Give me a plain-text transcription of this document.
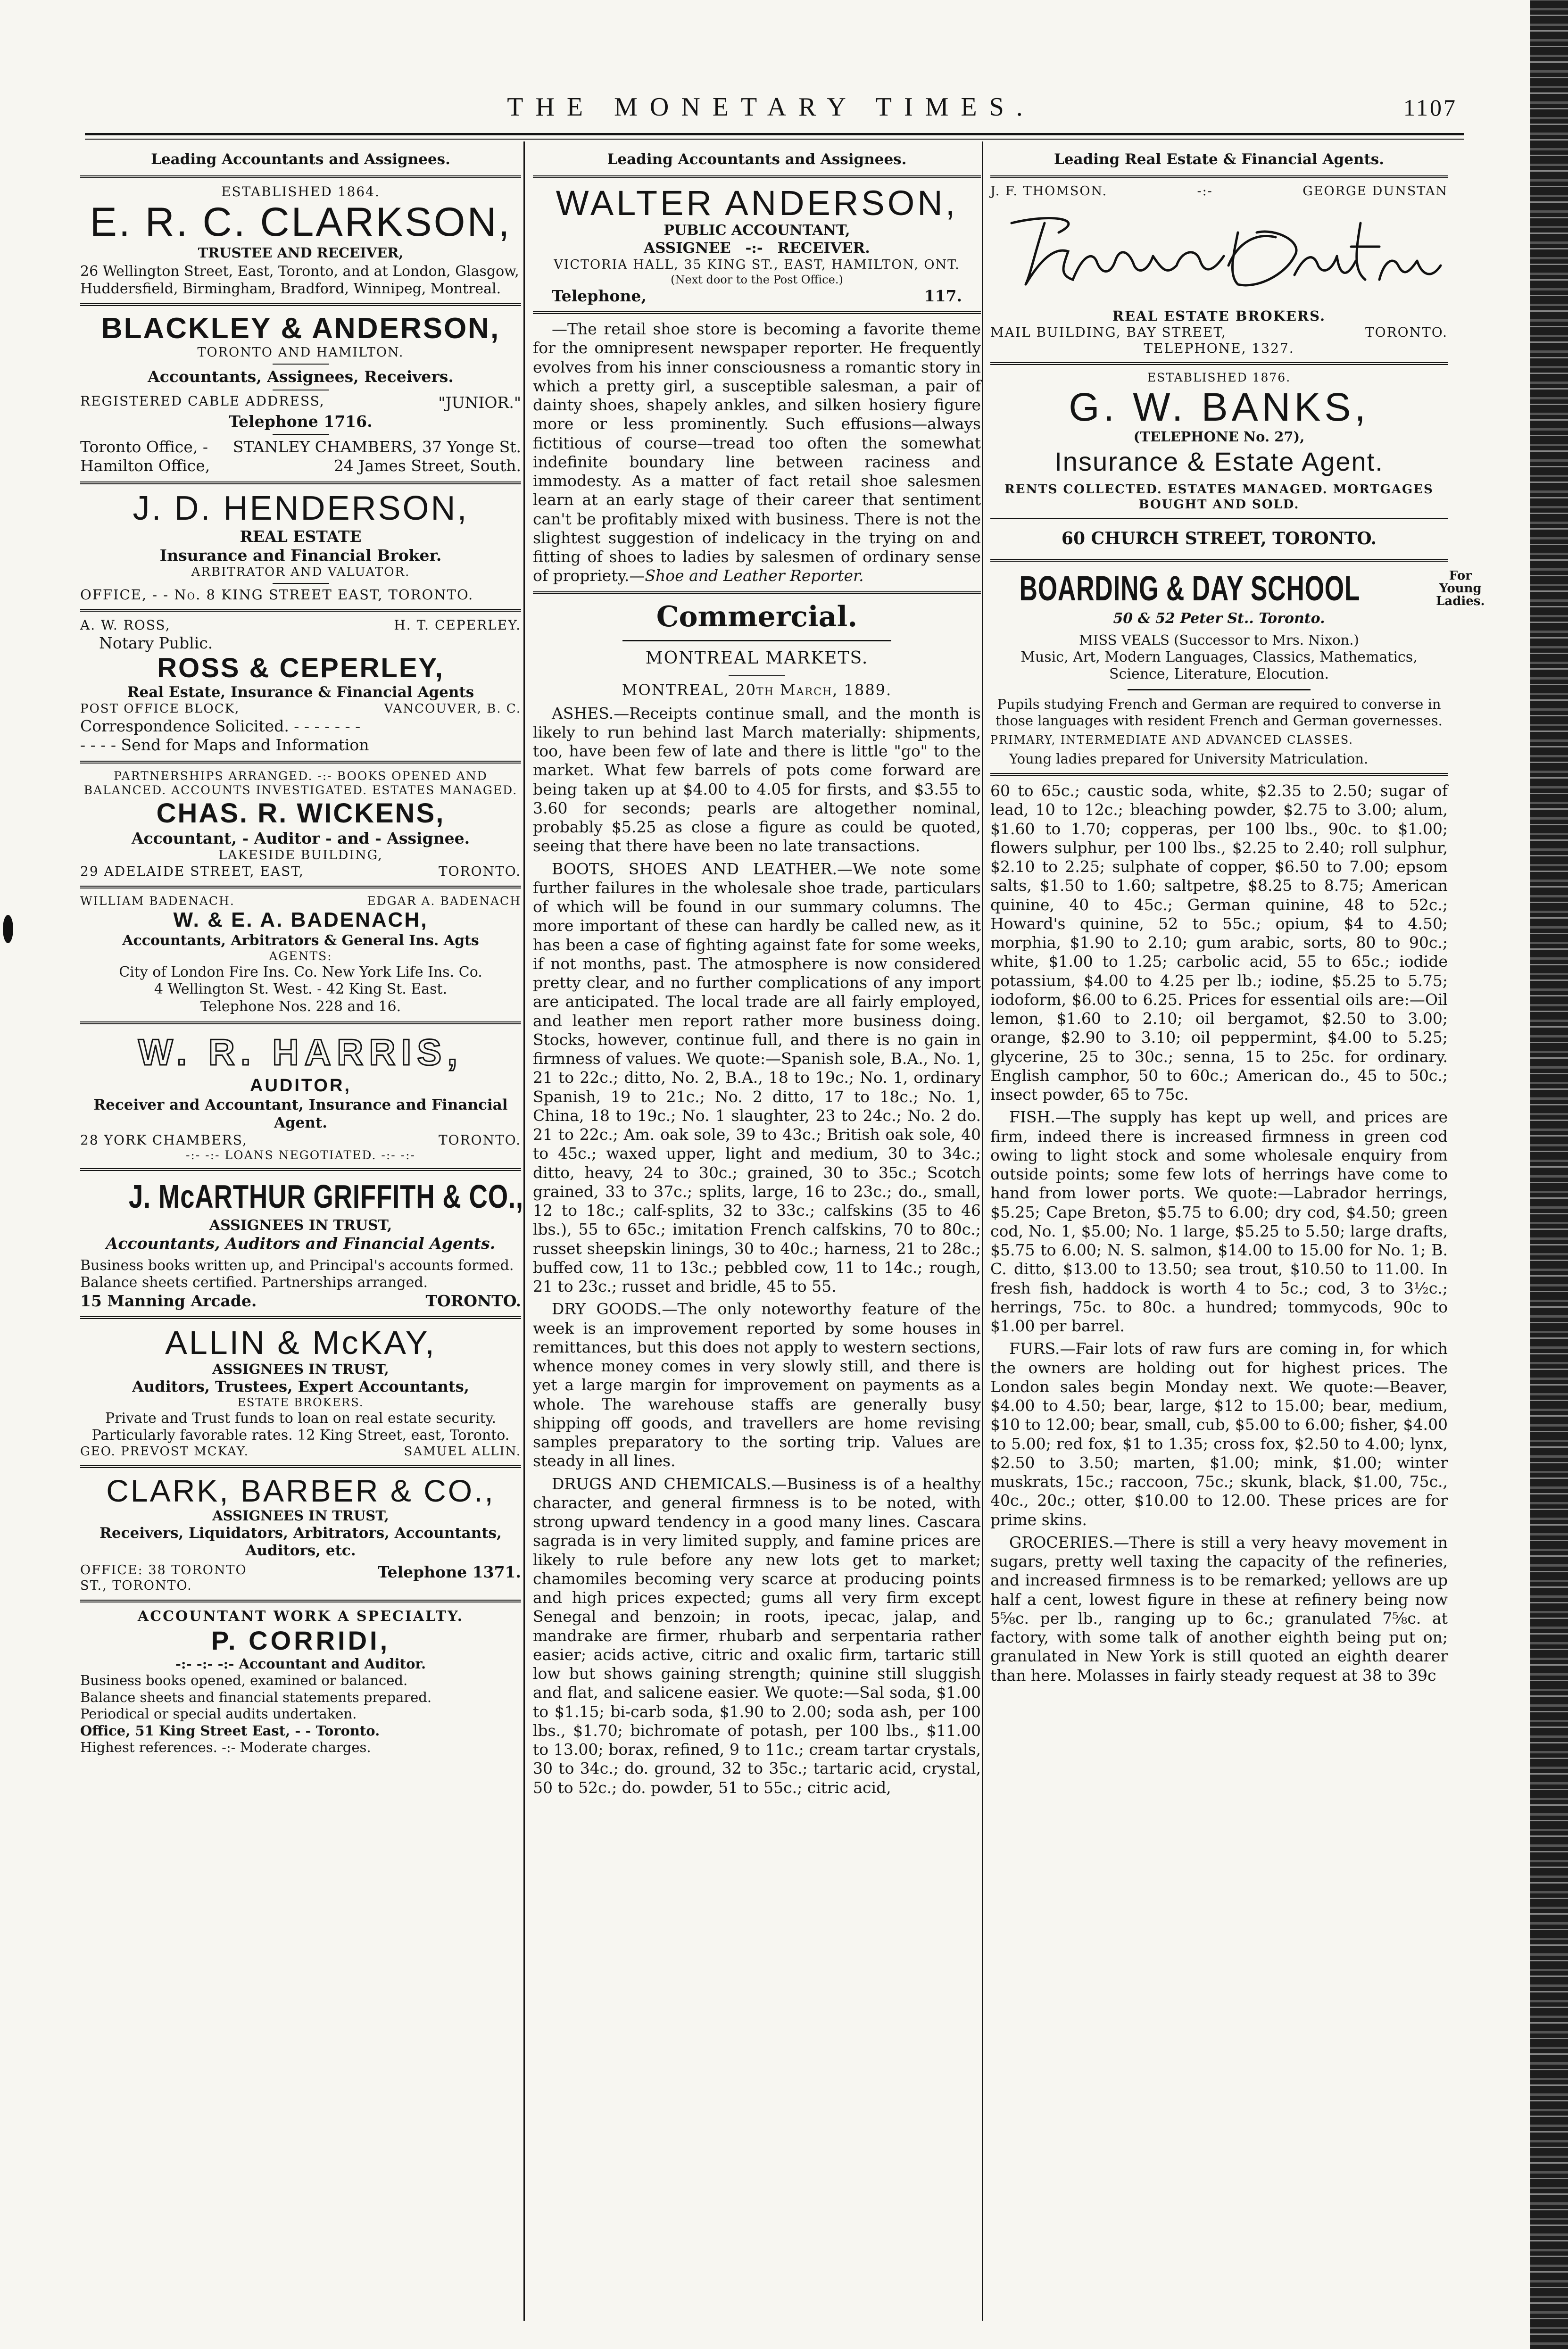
THE MONETARY TIMES.	1107
Leading Accountants and Assignees.
ESTABLISHED 1864.
E. R. C. CLARKSON,
TRUSTEE AND RECEIVER,
26 Wellington Street, East, Toronto, and at London, Glasgow, Huddersfield, Birmingham, Bradford, Winnipeg, Montreal.
BLACKLEY & ANDERSON,
TORONTO AND HAMILTON.
Accountants, Assignees, Receivers.
REGISTERED CABLE ADDRESS,	"JUNIOR."
Telephone 1716.
Toronto Office, - STANLEY CHAMBERS, 37 Yonge St.
Hamilton Office,	24 James Street, South.
J. D. HENDERSON,
REAL ESTATE
Insurance and Financial Broker.
ARBITRATOR AND VALUATOR.
OFFICE, - - No. 8 KING STREET EAST, TORONTO.
A. W. ROSS,	H. T. CEPERLEY.
Notary Public.
ROSS & CEPERLEY,
Real Estate, Insurance & Financial Agents
POST OFFICE BLOCK,	VANCOUVER, B. C.
Correspondence Solicited. - - - - - - -
- - - - Send for Maps and Information
PARTNERSHIPS ARRANGED. -:- BOOKS OPENED AND BALANCED. ACCOUNTS INVESTIGATED. ESTATES MANAGED.
CHAS. R. WICKENS,
Accountant, - Auditor - and - Assignee.
LAKESIDE BUILDING,
29 ADELAIDE STREET, EAST,	TORONTO.
WILLIAM BADENACH.	EDGAR A. BADENACH
W. & E. A. BADENACH,
Accountants, Arbitrators & General Ins. Agts
AGENTS:
City of London Fire Ins. Co. New York Life Ins. Co.
4 Wellington St. West. - 42 King St. East.
Telephone Nos. 228 and 16.
W. R. HARRIS,
AUDITOR,
Receiver and Accountant, Insurance and Financial Agent.
28 YORK CHAMBERS,	TORONTO.
-:- -:- LOANS NEGOTIATED. -:- -:-
J. McARTHUR GRIFFITH & CO.,
ASSIGNEES IN TRUST,
Accountants, Auditors and Financial Agents.
Business books written up, and Principal's accounts formed. Balance sheets certified. Partnerships arranged.
15 Manning Arcade.	TORONTO.
ALLIN & McKAY,
ASSIGNEES IN TRUST,
Auditors, Trustees, Expert Accountants,
ESTATE BROKERS.
Private and Trust funds to loan on real estate security. Particularly favorable rates. 12 King Street, east, Toronto.
GEO. PREVOST MCKAY.	SAMUEL ALLIN.
CLARK, BARBER & CO.,
ASSIGNEES IN TRUST,
Receivers, Liquidators, Arbitrators, Accountants, Auditors, etc.
OFFICE: 38 TORONTO ST., TORONTO.
Telephone 1371.
ACCOUNTANT WORK A SPECIALTY.
P. CORRIDI,
-:- -:- -:- Accountant and Auditor.
Business books opened, examined or balanced.
Balance sheets and financial statements prepared.
Periodical or special audits undertaken.
Office, 51 King Street East, - - Toronto.
Highest references. -:- Moderate charges.
Leading Accountants and Assignees.
WALTER ANDERSON,
PUBLIC ACCOUNTANT,
ASSIGNEE -:- RECEIVER.
VICTORIA HALL, 35 KING ST., EAST, HAMILTON, ONT.
(Next door to the Post Office.)
Telephone,	117.

—The retail shoe store is becoming a favorite theme for the omnipresent newspaper reporter. He frequently evolves from his inner consciousness a romantic story in which a pretty girl, a susceptible salesman, a pair of dainty shoes, shapely ankles, and silken hosiery figure more or less prominently. Such effusions—always fictitious of course—tread too often the somewhat indefinite boundary line between raciness and immodesty. As a matter of fact retail shoe salesmen learn at an early stage of their career that sentiment can't be profitably mixed with business. There is not the slightest suggestion of indelicacy in the trying on and fitting of shoes to ladies by salesmen of ordinary sense of propriety.—Shoe and Leather Reporter.

Commercial.
MONTREAL MARKETS.
MONTREAL, 20th March, 1889.

ASHES.—Receipts continue small, and the month is likely to run behind last March materially: shipments, too, have been few of late and there is little "go" to the market. What few barrels of pots come forward are being taken up at $4.00 to 4.05 for firsts, and $3.55 to 3.60 for seconds; pearls are altogether nominal, probably $5.25 as close a figure as could be quoted, seeing that there have been no late transactions.

BOOTS, SHOES AND LEATHER.—We note some further failures in the wholesale shoe trade, particulars of which will be found in our summary columns. The more important of these can hardly be called new, as it has been a case of fighting against fate for some weeks, if not months, past. The atmosphere is now considered pretty clear, and no further complications of any import are anticipated. The local trade are all fairly employed, and leather men report rather more business doing. Stocks, however, continue full, and there is no gain in firmness of values. We quote:—Spanish sole, B.A., No. 1, 21 to 22c.; ditto, No. 2, B.A., 18 to 19c.; No. 1, ordinary Spanish, 19 to 21c.; No. 2 ditto, 17 to 18c.; No. 1, China, 18 to 19c.; No. 1 slaughter, 23 to 24c.; No. 2 do. 21 to 22c.; Am. oak sole, 39 to 43c.; British oak sole, 40 to 45c.; waxed upper, light and medium, 30 to 34c.; ditto, heavy, 24 to 30c.; grained, 30 to 35c.; Scotch grained, 33 to 37c.; splits, large, 16 to 23c.; do., small, 12 to 18c.; calf-splits, 32 to 33c.; calfskins (35 to 46 lbs.), 55 to 65c.; imitation French calfskins, 70 to 80c.; russet sheepskin linings, 30 to 40c.; harness, 21 to 28c.; buffed cow, 11 to 13c.; pebbled cow, 11 to 14c.; rough, 21 to 23c.; russet and bridle, 45 to 55.

DRY GOODS.—The only noteworthy feature of the week is an improvement reported by some houses in remittances, but this does not apply to western sections, whence money comes in very slowly still, and there is yet a large margin for improvement on payments as a whole. The warehouse staffs are generally busy shipping off goods, and travellers are home revising samples preparatory to the sorting trip. Values are steady in all lines.

DRUGS AND CHEMICALS.—Business is of a healthy character, and general firmness is to be noted, with strong upward tendency in a good many lines. Cascara sagrada is in very limited supply, and famine prices are likely to rule before any new lots get to market; chamomiles becoming very scarce at producing points and high prices expected; gums all very firm except Senegal and benzoin; in roots, ipecac, jalap, and mandrake are firmer, rhubarb and serpentaria rather easier; acids active, citric and oxalic firm, tartaric still low but shows gaining strength; quinine still sluggish and flat, and salicene easier. We quote:—Sal soda, $1.00 to $1.15; bi-carb soda, $1.90 to 2.00; soda ash, per 100 lbs., $1.70; bichromate of potash, per 100 lbs., $11.00 to 13.00; borax, refined, 9 to 11c.; cream tartar crystals, 30 to 34c.; do. ground, 32 to 35c.; tartaric acid, crystal, 50 to 52c.; do. powder, 51 to 55c.; citric acid,

Leading Real Estate & Financial Agents.
J. F. THOMSON.	-:-	GEORGE DUNSTAN
REAL ESTATE BROKERS.
MAIL BUILDING, BAY STREET,	TORONTO.
TELEPHONE, 1327.
ESTABLISHED 1876.
G. W. BANKS,
(TELEPHONE No. 27),
Insurance & Estate Agent.
RENTS COLLECTED. ESTATES MANAGED. MORTGAGES BOUGHT AND SOLD.
60 CHURCH STREET, TORONTO.
BOARDING & DAY SCHOOL	For
Young
Ladies.
50 & 52 Peter St.. Toronto.
MISS VEALS (Successor to Mrs. Nixon.)
Music, Art, Modern Languages, Classics, Mathematics, Science, Literature, Elocution.
Pupils studying French and German are required to converse in those languages with resident French and German governesses.
PRIMARY, INTERMEDIATE AND ADVANCED CLASSES.
Young ladies prepared for University Matriculation.

60 to 65c.; caustic soda, white, $2.35 to 2.50; sugar of lead, 10 to 12c.; bleaching powder, $2.75 to 3.00; alum, $1.60 to 1.70; copperas, per 100 lbs., 90c. to $1.00; flowers sulphur, per 100 lbs., $2.25 to 2.40; roll sulphur, $2.10 to 2.25; sulphate of copper, $6.50 to 7.00; epsom salts, $1.50 to 1.60; saltpetre, $8.25 to 8.75; American quinine, 40 to 45c.; German quinine, 48 to 52c.; Howard's quinine, 52 to 55c.; opium, $4 to 4.50; morphia, $1.90 to 2.10; gum arabic, sorts, 80 to 90c.; white, $1.00 to 1.25; carbolic acid, 55 to 65c.; iodide potassium, $4.00 to 4.25 per lb.; iodine, $5.25 to 5.75; iodoform, $6.00 to 6.25. Prices for essential oils are:—Oil lemon, $1.60 to 2.10; oil bergamot, $2.50 to 3.00; orange, $2.90 to 3.10; oil peppermint, $4.00 to 5.25; glycerine, 25 to 30c.; senna, 15 to 25c. for ordinary. English camphor, 50 to 60c.; American do., 45 to 50c.; insect powder, 65 to 75c.

FISH.—The supply has kept up well, and prices are firm, indeed there is increased firmness in green cod owing to light stock and some wholesale enquiry from outside points; some few lots of herrings have come to hand from lower ports. We quote:—Labrador herrings, $5.25; Cape Breton, $5.75 to 6.00; dry cod, $4.50; green cod, No. 1, $5.00; No. 1 large, $5.25 to 5.50; large drafts, $5.75 to 6.00; N. S. salmon, $14.00 to 15.00 for No. 1; B. C. ditto, $13.00 to 13.50; sea trout, $10.50 to 11.00. In fresh fish, haddock is worth 4 to 5c.; cod, 3 to 3½c.; herrings, 75c. to 80c. a hundred; tommycods, 90c to $1.00 per barrel.

FURS.—Fair lots of raw furs are coming in, for which the owners are holding out for highest prices. The London sales begin Monday next. We quote:—Beaver, $4.00 to 4.50; bear, large, $12 to 15.00; bear, medium, $10 to 12.00; bear, small, cub, $5.00 to 6.00; fisher, $4.00 to 5.00; red fox, $1 to 1.35; cross fox, $2.50 to 4.00; lynx, $2.50 to 3.50; marten, $1.00; mink, $1.00; winter muskrats, 15c.; raccoon, 75c.; skunk, black, $1.00, 75c., 40c., 20c.; otter, $10.00 to 12.00. These prices are for prime skins.

GROCERIES.—There is still a very heavy movement in sugars, pretty well taxing the capacity of the refineries, and increased firmness is to be remarked; yellows are up half a cent, lowest figure in these at refinery being now 5⅝c. per lb., ranging up to 6c.; granulated 7⅝c. at factory, with some talk of another eighth being put on; granulated in New York is still quoted an eighth dearer than here. Molasses in fairly steady request at 38 to 39c
